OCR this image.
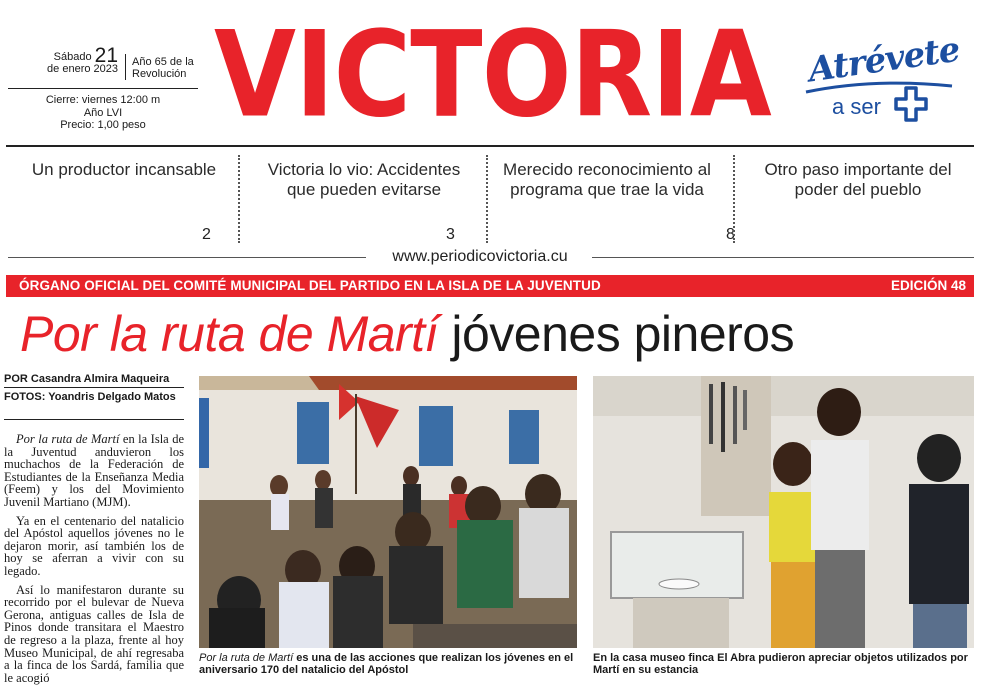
Sábado 21
de enero 2023
Año 65 de la
Revolución
Cierre: viernes 12:00 m
Año LVI
Precio: 1,00 peso VICTORIA Atrévete
a ser
Un productor incansable
2
Victoria lo vio: Accidentes que pueden evitarse
3
Merecido reconocimiento al programa que trae la vida
8
Otro paso importante del poder del pueblo
www.periodicovictoria.cu
ÓRGANO OFICIAL DEL COMITÉ MUNICIPAL DEL PARTIDO EN LA ISLA DE LA JUVENTUD	EDICIÓN 48
Por la ruta de Martí jóvenes pineros
POR Casandra Almira Maqueira
FOTOS: Yoandris Delgado Matos

Por la ruta de Martí en la Isla de la Juventud anduvieron los muchachos de la Federación de Estudiantes de la Enseñanza Media (Feem) y los del Movimiento Juvenil Martiano (MJM).

Ya en el centenario del natalicio del Apóstol aquellos jóvenes no le dejaron morir, así también los de hoy se aferran a vivir con su legado.

Así lo manifestaron durante su recorrido por el bulevar de Nueva Gerona, antiguas calles de Isla de Pinos donde transitara el Maestro de regreso a la plaza, frente al hoy Museo Municipal, de ahí regresaba a la finca de los Sardá, familia que le acogió

Por la ruta de Martí es una de las acciones que realizan los jóvenes en el aniversario 170 del natalicio del Apóstol
En la casa museo finca El Abra pudieron apreciar objetos utilizados por Martí en su estancia
